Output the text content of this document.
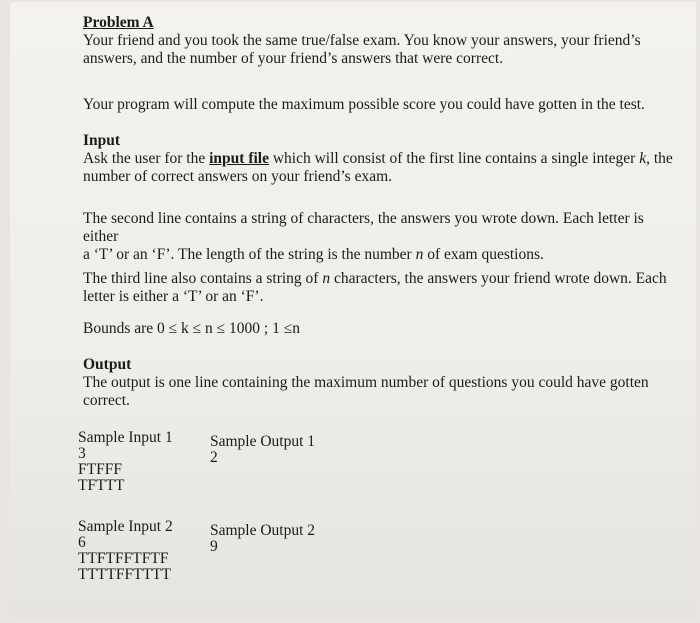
Problem A
Your friend and you took the same true/false exam. You know your answers, your friend’s
answers, and the number of your friend’s answers that were correct.
Your program will compute the maximum possible score you could have gotten in the test.
Input
Ask the user for the input file which will consist of the first line contains a single integer k, the
number of correct answers on your friend’s exam.
The second line contains a string of characters, the answers you wrote down. Each letter is either
a ‘T’ or an ‘F’. The length of the string is the number n of exam questions.
The third line also contains a string of n characters, the answers your friend wrote down. Each
letter is either a ‘T’ or an ‘F’.
Bounds are 0 ≤ k ≤ n ≤ 1000 ; 1 ≤n
Output
The output is one line containing the maximum number of questions you could have gotten
correct.
Sample Input 1
3
FTFFF
TFTTT
Sample Output 1
2
Sample Input 2
6
TTFTFFTFTF
TTTTFFTTTT
Sample Output 2
9
